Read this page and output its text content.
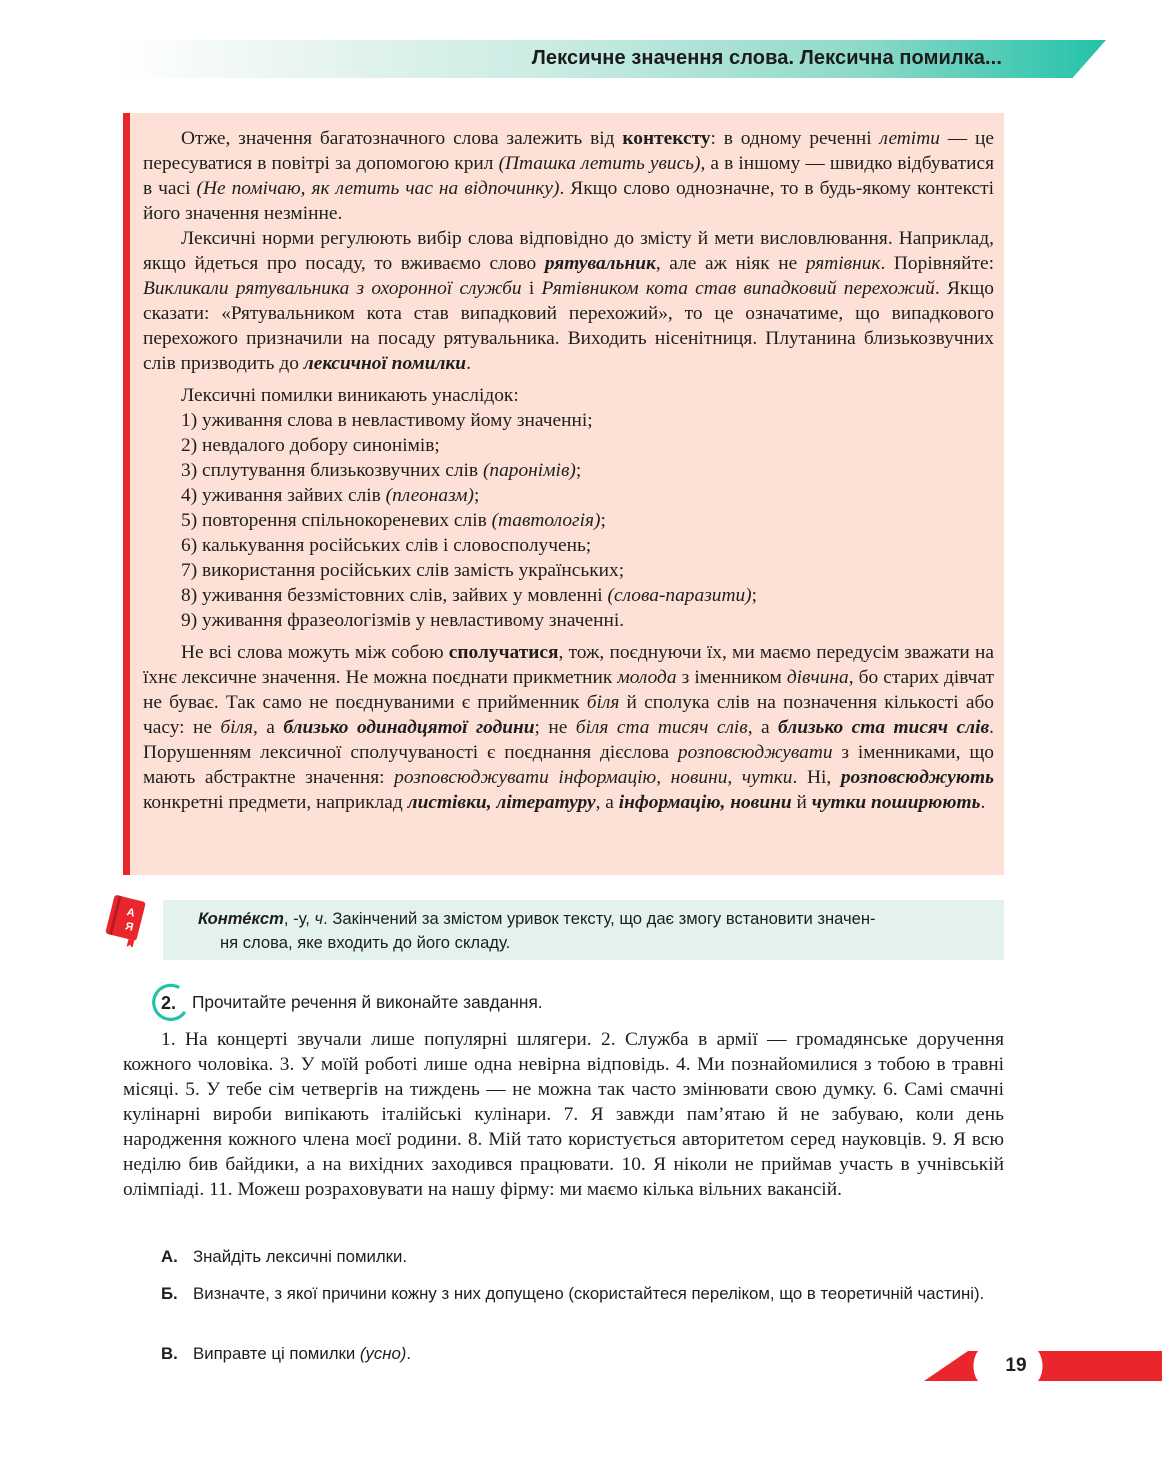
Лексичне значення слова. Лексична помилка...

Отже, значення багатозначного слова залежить від контексту: в одному реченні летіти — це пересуватися в повітрі за допомогою крил (Пташка летить увись), а в іншому — швидко відбуватися в часі (Не помічаю, як летить час на відпочинку). Якщо слово однозначне, то в будь-якому контексті його значення незмінне.

Лексичні норми регулюють вибір слова відповідно до змісту й мети висловлювання. Наприклад, якщо йдеться про посаду, то вживаємо слово рятувальник, але аж ніяк не рятівник. Порівняйте: Викликали рятувальника з охоронної служби і Рятівником кота став випадковий перехожий. Якщо сказати: «Рятувальником кота став випадковий перехожий», то це означатиме, що випадкового перехожого призначили на посаду рятувальника. Виходить нісенітниця. Плутанина близькозвучних слів призводить до лексичної помилки.

Лексичні помилки виникають унаслідок:

1) уживання слова в невластивому йому значенні;
2) невдалого добору синонімів;
3) сплутування близькозвучних слів (паронімів);
4) уживання зайвих слів (плеоназм);
5) повторення спільнокореневих слів (тавтологія);
6) калькування російських слів і словосполучень;
7) використання російських слів замість українських;
8) уживання беззмістовних слів, зайвих у мовленні (слова-паразити);
9) уживання фразеологізмів у невластивому значенні.

Не всі слова можуть між собою сполучатися, тож, поєднуючи їх, ми маємо передусім зважати на їхнє лексичне значення. Не можна поєднати прикметник молода з іменником дівчина, бо старих дівчат не буває. Так само не поєднуваними є прийменник біля й сполука слів на позначення кількості або часу: не біля, а близько одинадцятої години; не біля ста тисяч слів, а близько ста тисяч слів. Порушенням лексичної сполучуваності є поєднання дієслова розповсюджувати з іменниками, що мають абстрактне значення: розповсюджувати інформацію, новини, чутки. Ні, розповсюджують конкретні предмети, наприклад листівки, літературу, а інформацію, новини й чутки поширюють.

А
Я	Конте́кст, -у, ч. Закінчений за змістом уривок тексту, що дає змогу встановити значен-
ня слова, яке входить до його складу.
2. Прочитайте речення й виконайте завдання.

1. На концерті звучали лише популярні шлягери. 2. Служба в армії — громадянське доручення кожного чоловіка. 3. У моїй роботі лише одна невірна відповідь. 4. Ми познайомилися з тобою в травні місяці. 5. У тебе сім четвергів на тиждень — не можна так часто змінювати свою думку. 6. Самі смачні кулінарні вироби випікають італійські кулінари. 7. Я завжди пам’ятаю й не забуваю, коли день народження кожного члена моєї родини. 8. Мій тато користується авторитетом серед науковців. 9. Я всю неділю бив байдики, а на вихідних заходився працювати. 10. Я ніколи не приймав участь в учнівській олімпіаді. 11. Можеш розраховувати на нашу фірму: ми маємо кілька вільних вакансій.

А. Знайдіть лексичні помилки.
Б. Визначте, з якої причини кожну з них допущено (скористайтеся переліком, що в теоретичній частині).
В. Виправте ці помилки (усно).
19
